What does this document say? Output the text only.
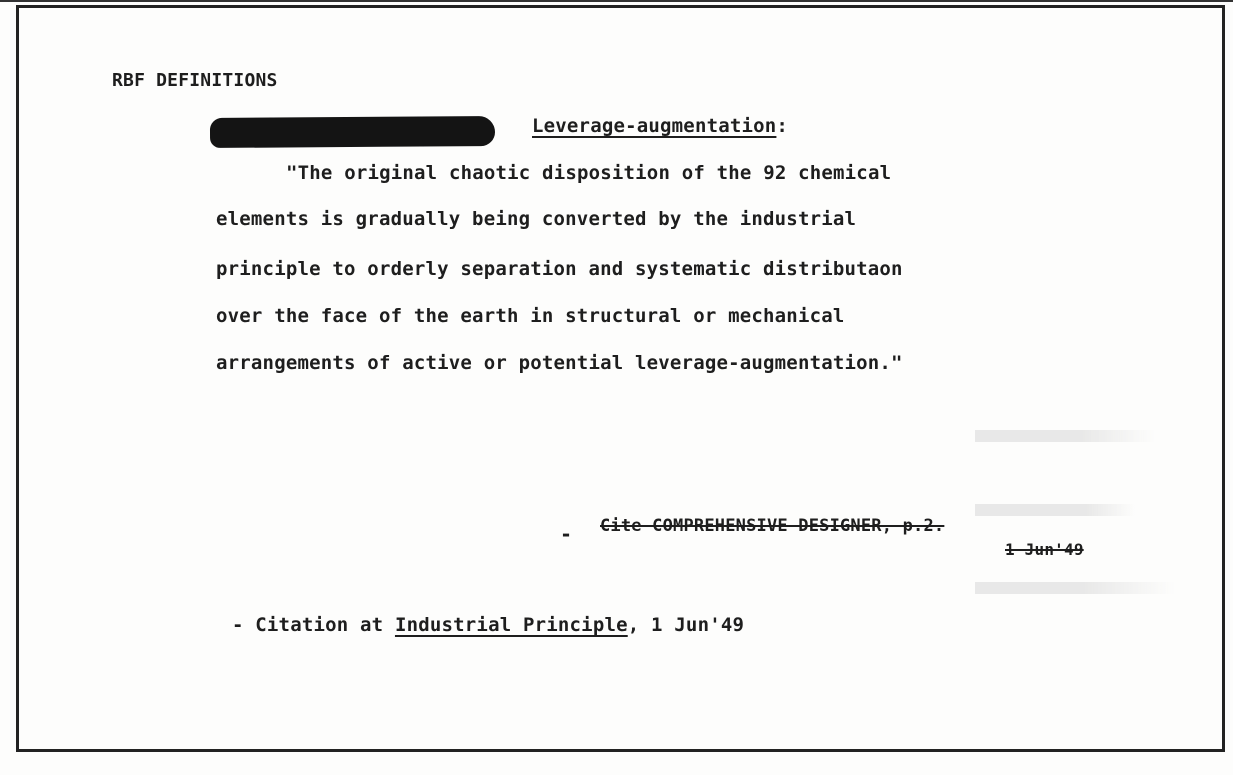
RBF DEFINITIONS
Leverage-augmentation:
"The original chaotic disposition of the 92 chemical
elements is gradually being converted by the industrial
principle to orderly separation and systematic distributaon
over the face of the earth in structural or mechanical
arrangements of active or potential leverage-augmentation."
- Cite COMPREHENSIVE DESIGNER, p.2.
1 Jun'49
- Citation at Industrial Principle, 1 Jun'49
